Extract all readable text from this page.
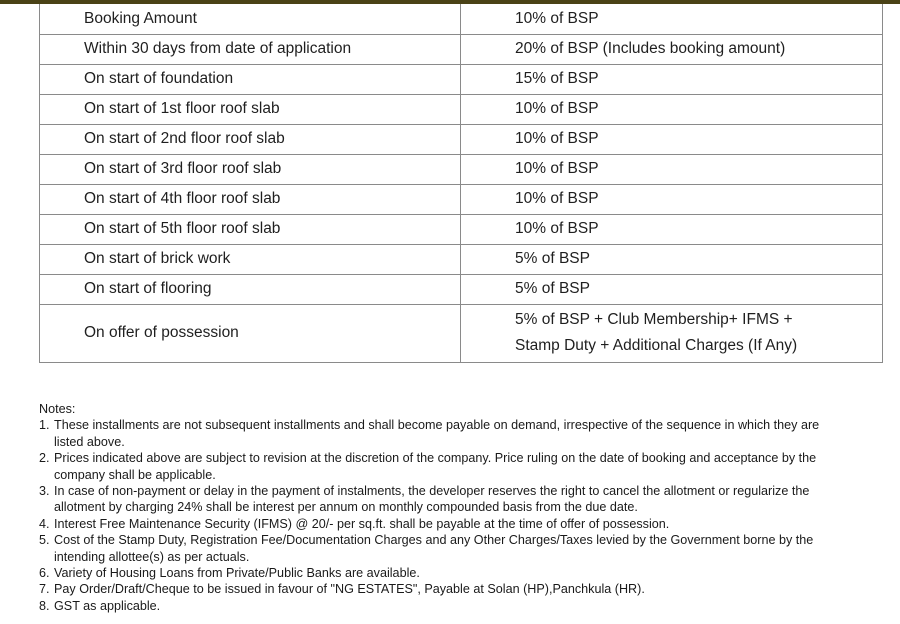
Booking Amount	10% of BSP
Within 30 days from date of application	20% of BSP (Includes booking amount)
On start of foundation	15% of BSP
On start of 1st floor roof slab	10% of BSP
On start of 2nd floor roof slab	10% of BSP
On start of 3rd floor roof slab	10% of BSP
On start of 4th floor roof slab	10% of BSP
On start of 5th floor roof slab	10% of BSP
On start of brick work	5% of BSP
On start of flooring	5% of BSP
On offer of possession	5% of BSP + Club Membership+ IFMS +
Stamp Duty + Additional Charges (If Any)

Notes:

1. These installments are not subsequent installments and shall become payable on demand, irrespective of the sequence in which they are listed above.
2. Prices indicated above are subject to revision at the discretion of the company. Price ruling on the date of booking and acceptance by the company shall be applicable.
3. In case of non-payment or delay in the payment of instalments, the developer reserves the right to cancel the allotment or regularize the allotment by charging 24% shall be interest per annum on monthly compounded basis from the due date.
4. Interest Free Maintenance Security (IFMS) @ 20/- per sq.ft. shall be payable at the time of offer of possession.
5. Cost of the Stamp Duty, Registration Fee/Documentation Charges and any Other Charges/Taxes levied by the Government borne by the intending allottee(s) as per actuals.
6. Variety of Housing Loans from Private/Public Banks are available.
7. Pay Order/Draft/Cheque to be issued in favour of "NG ESTATES", Payable at Solan (HP),Panchkula (HR).
8. GST as applicable.
